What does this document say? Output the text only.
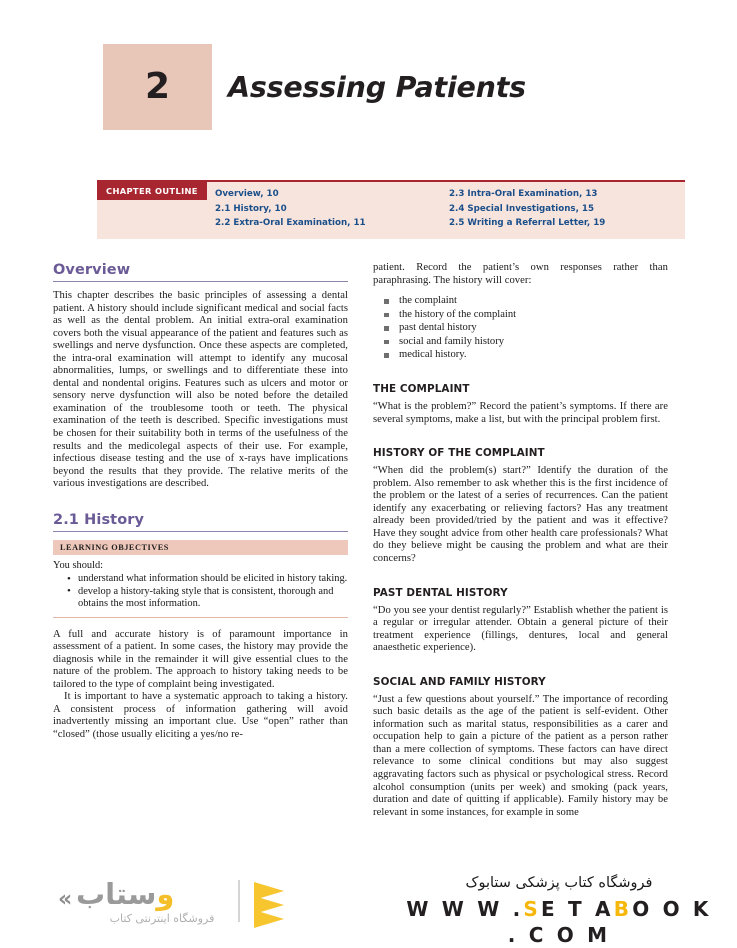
2 Assessing Patients
CHAPTER OUTLINE	Overview, 10
2.1 History, 10
2.2 Extra-Oral Examination, 11
2.3 Intra-Oral Examination, 13
2.4 Special Investigations, 15
2.5 Writing a Referral Letter, 19
Overview

This chapter describes the basic principles of assessing a dental patient. A history should include significant medical and social facts as well as the dental problem. An initial extra-oral examination covers both the visual appearance of the patient and features such as swellings and nerve dysfunction. Once these aspects are completed, the intra-oral examination will attempt to identify any mucosal abnormalities, lumps, or swellings and to differentiate these into dental and nondental origins. Features such as ulcers and motor or sensory nerve dysfunction will also be noted before the detailed examination of the troublesome tooth or teeth. The physical examination of the teeth is described. Specific investigations must be chosen for their suitability both in terms of the usefulness of the results and the medicolegal aspects of their use. For example, infectious disease testing and the use of x-rays have implications beyond the results that they provide. The relative merits of the various investigations are described.

2.1 History
LEARNING OBJECTIVES

You should:

• understand what information should be elicited in history taking.
• develop a history-taking style that is consistent, thorough and obtains the most information.

A full and accurate history is of paramount importance in assessment of a patient. In some cases, the history may provide the diagnosis while in the remainder it will give essential clues to the nature of the problem. The approach to history taking needs to be tailored to the type of complaint being investigated.

It is important to have a systematic approach to taking a history. A consistent process of information gathering will avoid inadvertently missing an important clue. Use “open” rather than “closed” (those usually eliciting a yes/no re-

patient. Record the patient’s own responses rather than paraphrasing. The history will cover:

the complaint
the history of the complaint
past dental history
social and family history
medical history.
THE COMPLAINT

“What is the problem?” Record the patient’s symptoms. If there are several symptoms, make a list, but with the principal problem first.

HISTORY OF THE COMPLAINT

“When did the problem(s) start?” Identify the duration of the problem. Also remember to ask whether this is the first incidence of the problem or the latest of a series of recurrences. Can the patient identify any exacerbating or relieving factors? Has any treatment already been provided/tried by the patient and was it effective? Have they sought advice from other health care professionals? What do they believe might be causing the problem and what are their concerns?

PAST DENTAL HISTORY

“Do you see your dentist regularly?” Establish whether the patient is a regular or irregular attender. Obtain a general picture of their treatment experience (fillings, dentures, local and general anaesthetic experience).

SOCIAL AND FAMILY HISTORY

“Just a few questions about yourself.” The importance of recording such basic details as the age of the patient is self-evident. Other information such as marital status, responsibilities as a carer and occupation help to gain a picture of the patient as a person rather than a mere collection of symptoms. These factors can have direct relevance to some clinical conditions but may also suggest aggravating factors such as physical or psychological stress. Record alcohol consumption (units per week) and smoking (pack years, duration and date of quitting if applicable). Family history may be relevant in some instances, for example in some

«	وستاب
فروشگاه اینترنتی کتاب
فروشگاه کتاب پزشکی ستابوک
W W W .SE T ABO O K . C O M
